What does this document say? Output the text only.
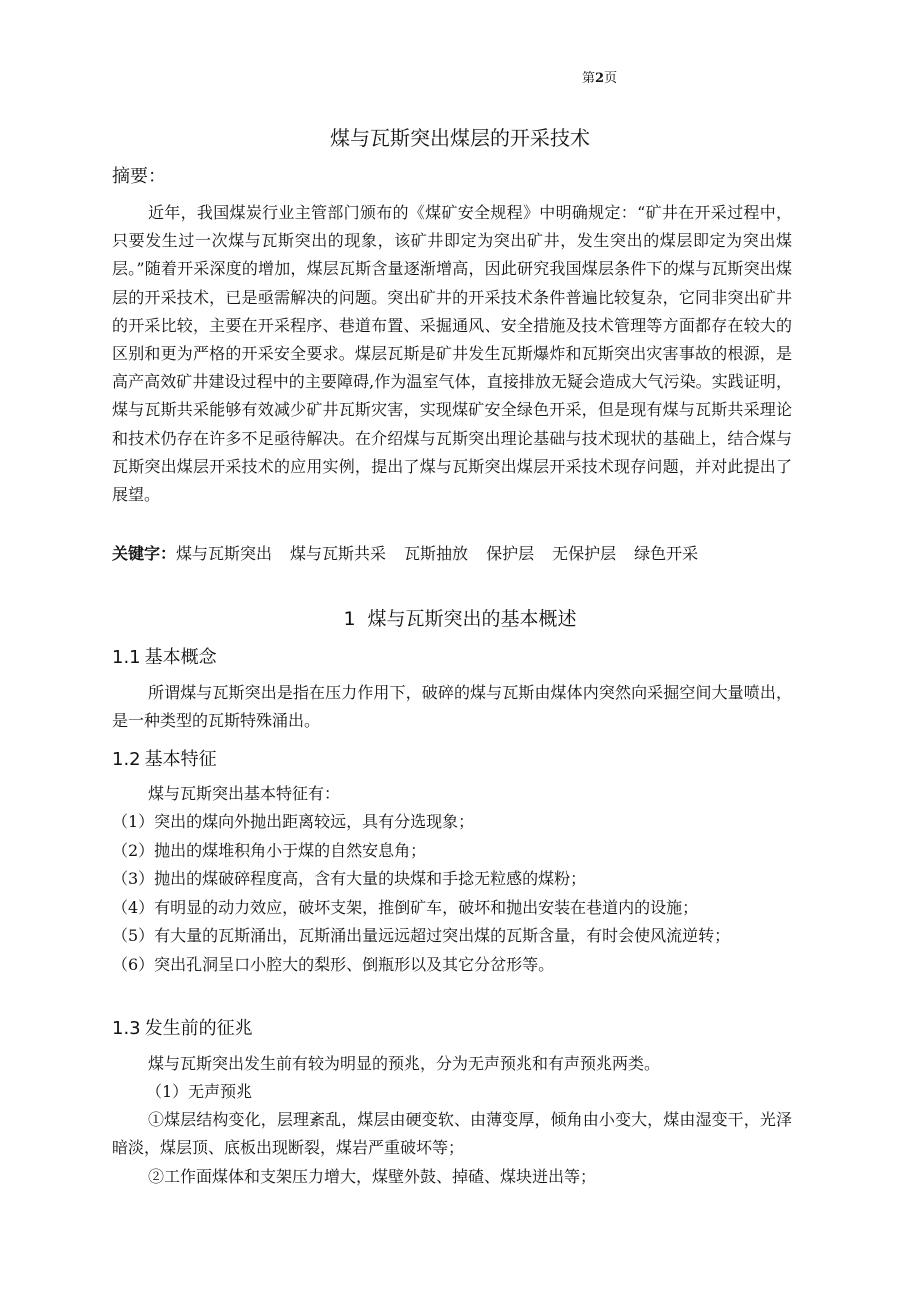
第2页
煤与瓦斯突出煤层的开采技术
摘要：
近年，我国煤炭行业主管部门颁布的《煤矿安全规程》中明确规定：“矿井在开采过程中，只要发生过一次煤与瓦斯突出的现象，该矿井即定为突出矿井，发生突出的煤层即定为突出煤层。”随着开采深度的增加，煤层瓦斯含量逐渐增高，因此研究我国煤层条件下的煤与瓦斯突出煤层的开采技术，已是亟需解决的问题。突出矿井的开采技术条件普遍比较复杂，它同非突出矿井的开采比较，主要在开采程序、巷道布置、采掘通风、安全措施及技术管理等方面都存在较大的区别和更为严格的开采安全要求。煤层瓦斯是矿井发生瓦斯爆炸和瓦斯突出灾害事故的根源，是高产高效矿井建设过程中的主要障碍,作为温室气体，直接排放无疑会造成大气污染。实践证明，煤与瓦斯共采能够有效减少矿井瓦斯灾害，实现煤矿安全绿色开采，但是现有煤与瓦斯共采理论和技术仍存在许多不足亟待解决。在介绍煤与瓦斯突出理论基础与技术现状的基础上，结合煤与瓦斯突出煤层开采技术的应用实例，提出了煤与瓦斯突出煤层开采技术现存问题，并对此提出了展望。
关键字：煤与瓦斯突出 煤与瓦斯共采 瓦斯抽放 保护层 无保护层 绿色开采
1 煤与瓦斯突出的基本概述
1.1 基本概念
所谓煤与瓦斯突出是指在压力作用下，破碎的煤与瓦斯由煤体内突然向采掘空间大量喷出，是一种类型的瓦斯特殊涌出。
1.2 基本特征
煤与瓦斯突出基本特征有：
（1）突出的煤向外抛出距离较远，具有分选现象；
（2）抛出的煤堆积角小于煤的自然安息角；
（3）抛出的煤破碎程度高，含有大量的块煤和手捻无粒感的煤粉；
（4）有明显的动力效应，破坏支架，推倒矿车，破坏和抛出安装在巷道内的设施；
（5）有大量的瓦斯涌出，瓦斯涌出量远远超过突出煤的瓦斯含量，有时会使风流逆转；
（6）突出孔洞呈口小腔大的梨形、倒瓶形以及其它分岔形等。
1.3 发生前的征兆
煤与瓦斯突出发生前有较为明显的预兆，分为无声预兆和有声预兆两类。
（1）无声预兆
①煤层结构变化，层理紊乱，煤层由硬变软、由薄变厚，倾角由小变大，煤由湿变干，光泽暗淡，煤层顶、底板出现断裂，煤岩严重破坏等；
②工作面煤体和支架压力增大，煤壁外鼓、掉碴、煤块迸出等；
